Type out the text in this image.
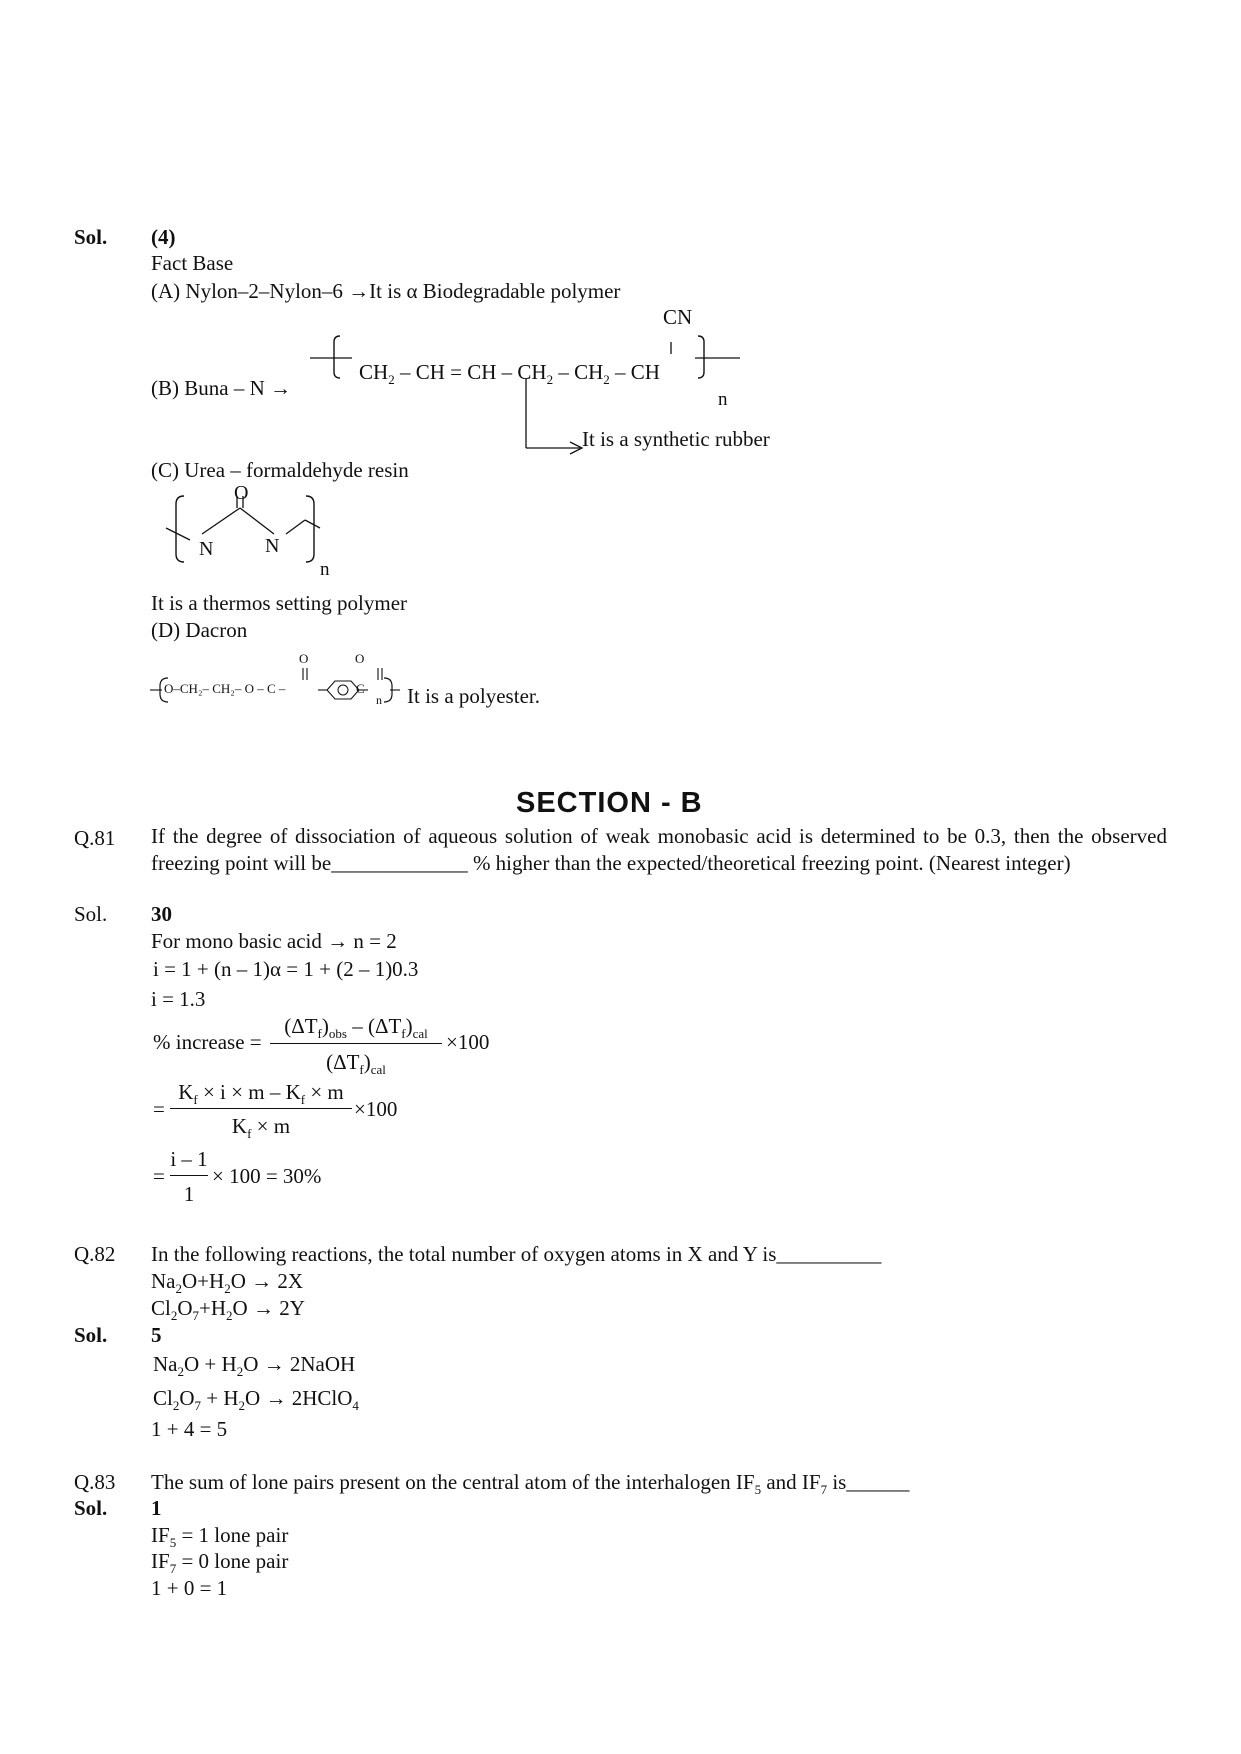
Sol. (4)
Fact Base
(A) Nylon–2–Nylon–6 →It is α Biodegradable polymer
CN
(B) Buna – N →
$CH_2$ – CH = CH – $CH_2 - CH_2$ – CH
n
It is a synthetic rubber
(C) Urea – formaldehyde resin
O
N	N
n
It is a thermos setting polymer
(D) Dacron
O–CH₂– CH₂– O – C –
O	O
C
n It is a polyester.
SECTION - B
Q.81 If the degree of dissociation of aqueous solution of weak monobasic acid is determined to be 0.3, then the observed freezing point will be_____________ % higher than the expected/theoretical freezing point. (Nearest integer)
Sol. 30
For mono basic acid → n = 2
i = 1 + (n – 1)α = 1 + (2 – 1)0.3
i = 1.3
% increase =
$(\Delta T_f)_{obs} - (\Delta T_f)_{cal}$
$(\Delta T_f)_{cal}$
×100
=
$K_f \times i \times m - K_f \times m$
$K_f \times m$
×100
=
i – 1
1
× 100 = 30%
Q.82 In the following reactions, the total number of oxygen atoms in X and Y is__________
$Na_2O+H_2O \to 2X$
$Cl_2O_7+H_2O \to 2Y$
Sol. 5
$Na_2O + H_2O$ → 2NaOH
$Cl_2O_7 + H_2O$ → 2HClO$_4$
1 + 4 = 5
Q.83 The sum of lone pairs present on the central atom of the interhalogen $IF_5$ and $IF_7$ is______
Sol. 1
$IF_5 = 1$ lone pair
$IF_7 = 0$ lone pair
1 + 0 = 1
